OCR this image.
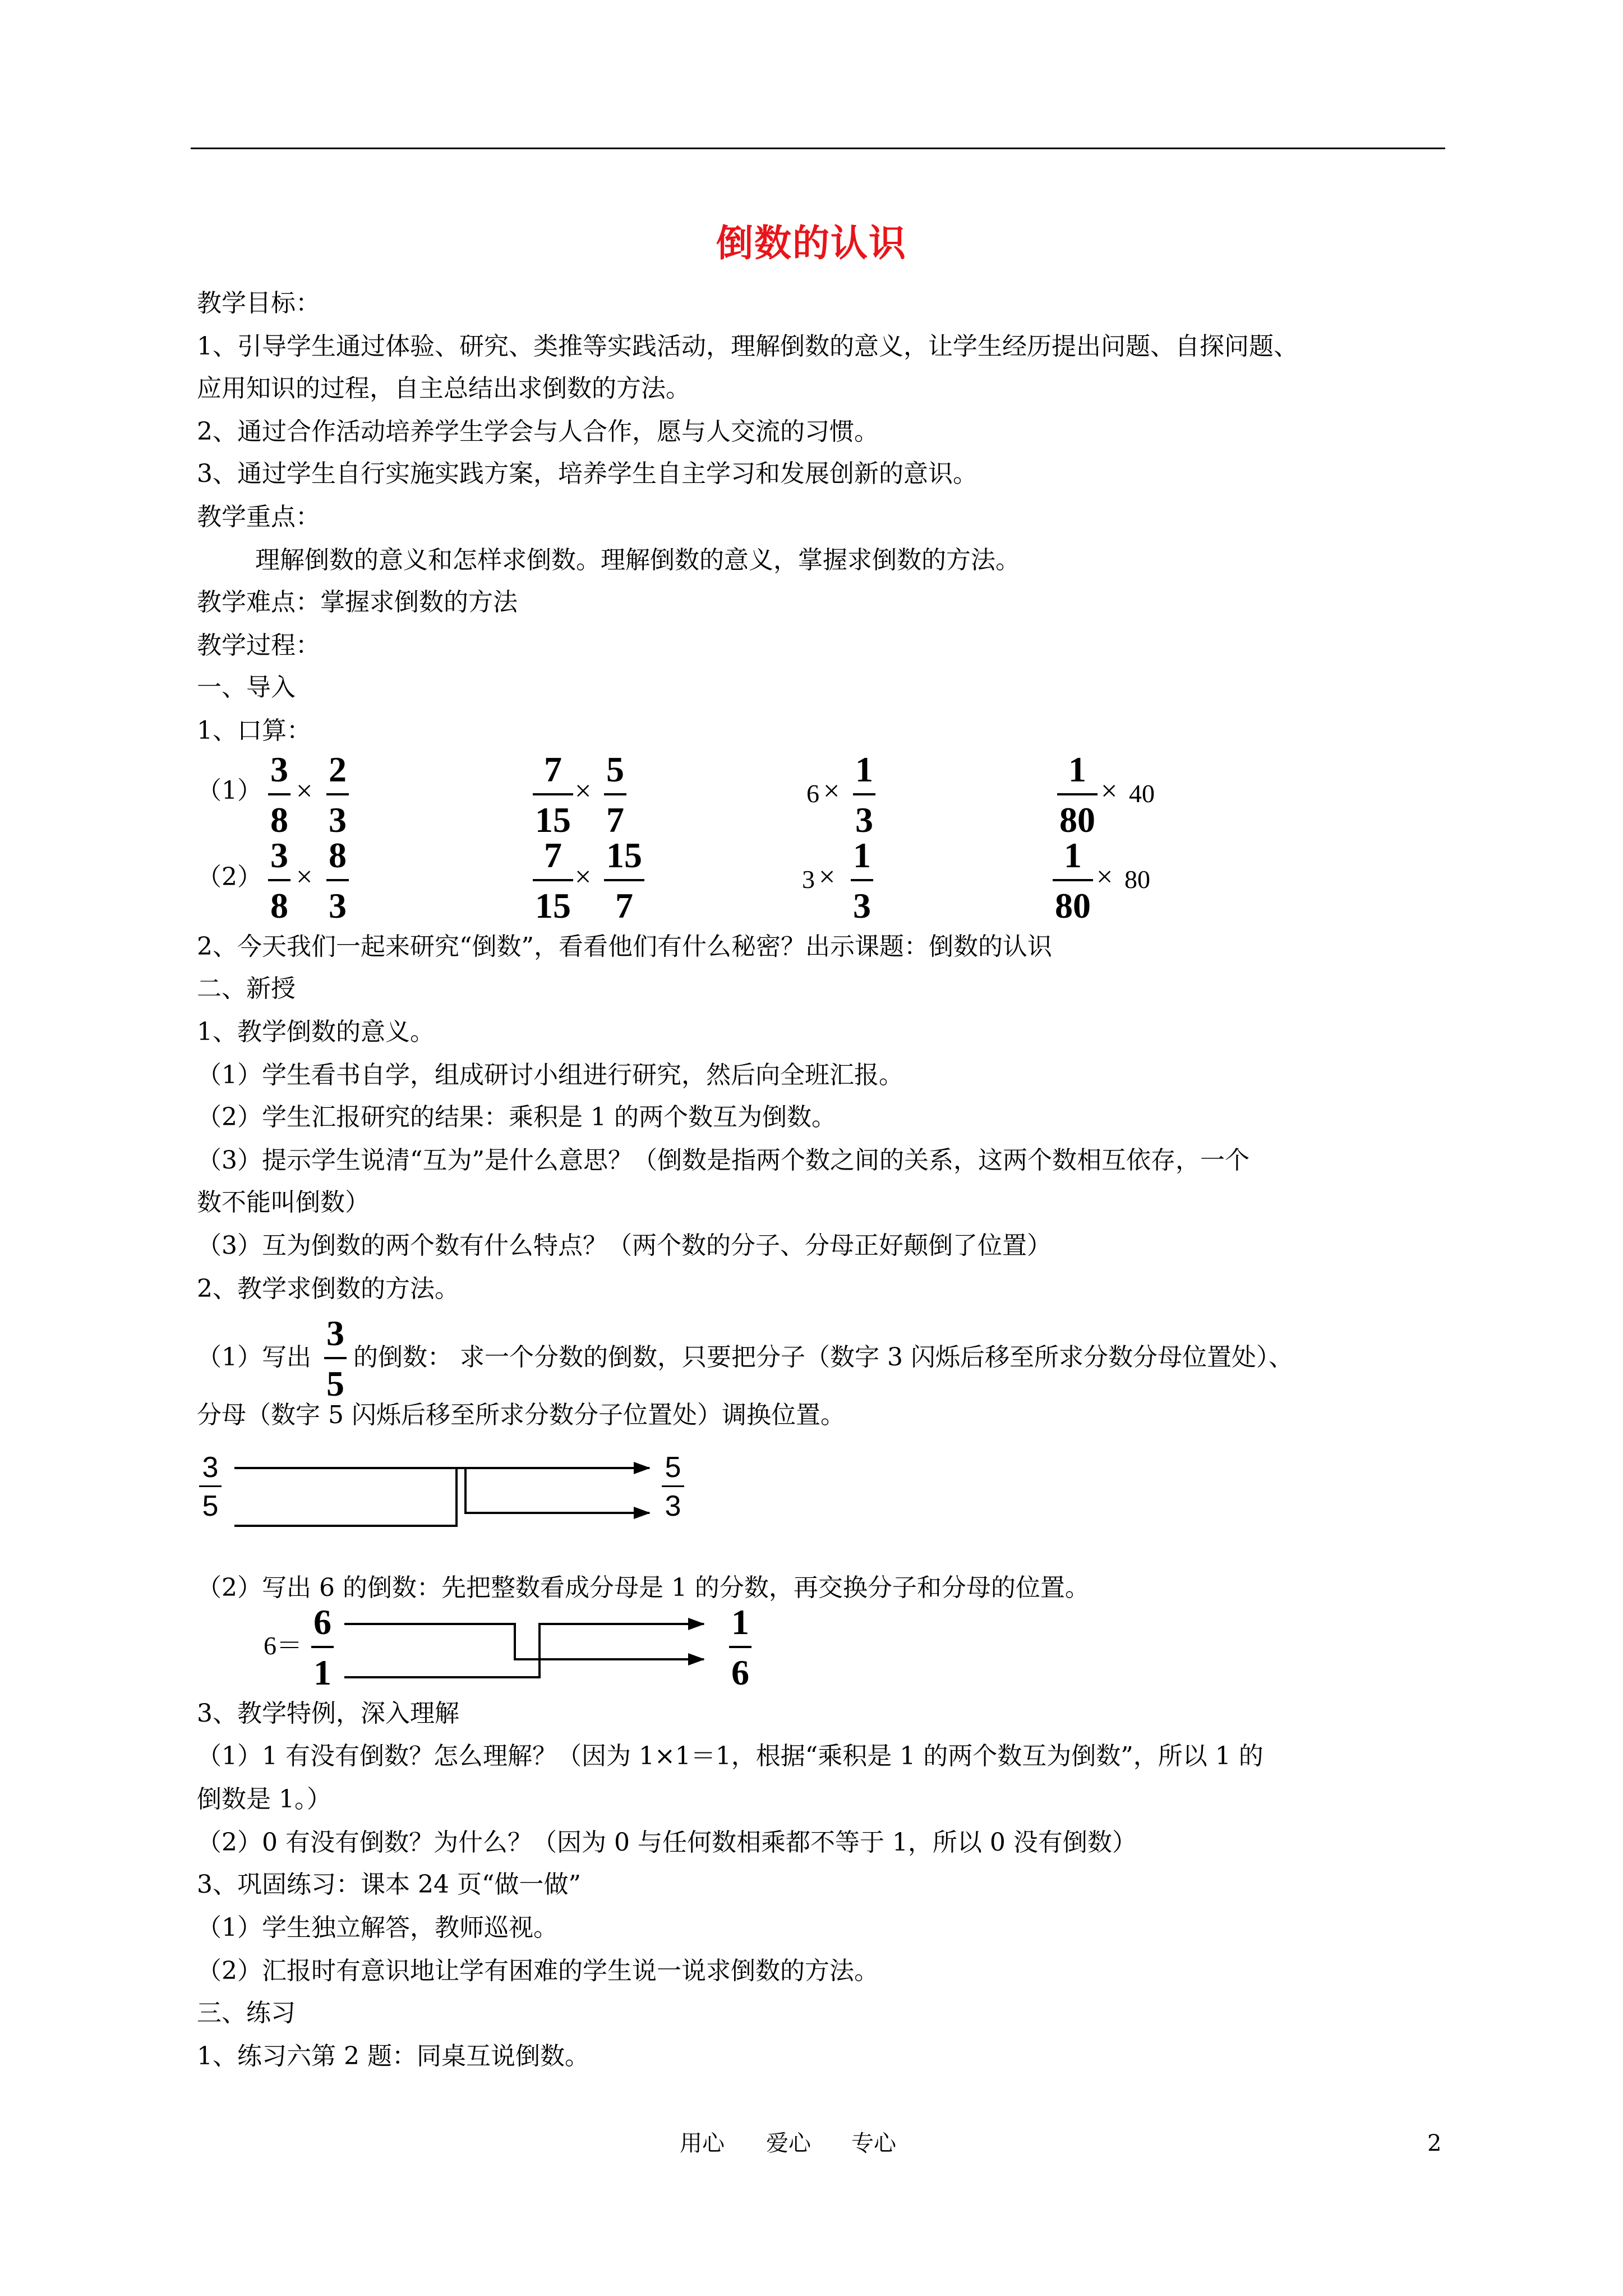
倒数的认识
教学目标：
1、引导学生通过体验、研究、类推等实践活动，理解倒数的意义，让学生经历提出问题、自探问题、
应用知识的过程，自主总结出求倒数的方法。
2、通过合作活动培养学生学会与人合作，愿与人交流的习惯。
3、通过学生自行实施实践方案，培养学生自主学习和发展创新的意识。
教学重点：
理解倒数的意义和怎样求倒数。理解倒数的意义，掌握求倒数的方法。
教学难点：掌握求倒数的方法
教学过程：
一、导入
1、口算：
（1）
3
8
×
2
3
7
15
×
5
7
6 ×
1
3
1
80
× 40
（2）
3
8
×
8
3
7
15
×
15
7
3 ×
1
3
1
80
× 80
2、今天我们一起来研究“倒数”，看看他们有什么秘密？出示课题：倒数的认识
二、新授
1、教学倒数的意义。
（1）学生看书自学，组成研讨小组进行研究，然后向全班汇报。
（2）学生汇报研究的结果：乘积是 1 的两个数互为倒数。
（3）提示学生说清“互为”是什么意思？（倒数是指两个数之间的关系，这两个数相互依存，一个
数不能叫倒数）
（3）互为倒数的两个数有什么特点？（两个数的分子、分母正好颠倒了位置）
2、教学求倒数的方法。
（1）写出
3
5
的倒数： 求一个分数的倒数，只要把分子（数字 3 闪烁后移至所求分数分母位置处）、
分母（数字 5 闪烁后移至所求分数分子位置处）调换位置。
3
5
5
3
（2）写出 6 的倒数：先把整数看成分母是 1 的分数，再交换分子和分母的位置。
6＝
6
1
1
6
3、教学特例，深入理解
（1）1 有没有倒数？怎么理解？（因为 1×1＝1，根据“乘积是 1 的两个数互为倒数”，所以 1 的
倒数是 1。）
（2）0 有没有倒数？为什么？（因为 0 与任何数相乘都不等于 1，所以 0 没有倒数）
3、巩固练习：课本 24 页“做一做”
（1）学生独立解答，教师巡视。
（2）汇报时有意识地让学有困难的学生说一说求倒数的方法。
三、练习
1、练习六第 2 题：同桌互说倒数。
用心 爱心 专心	2
